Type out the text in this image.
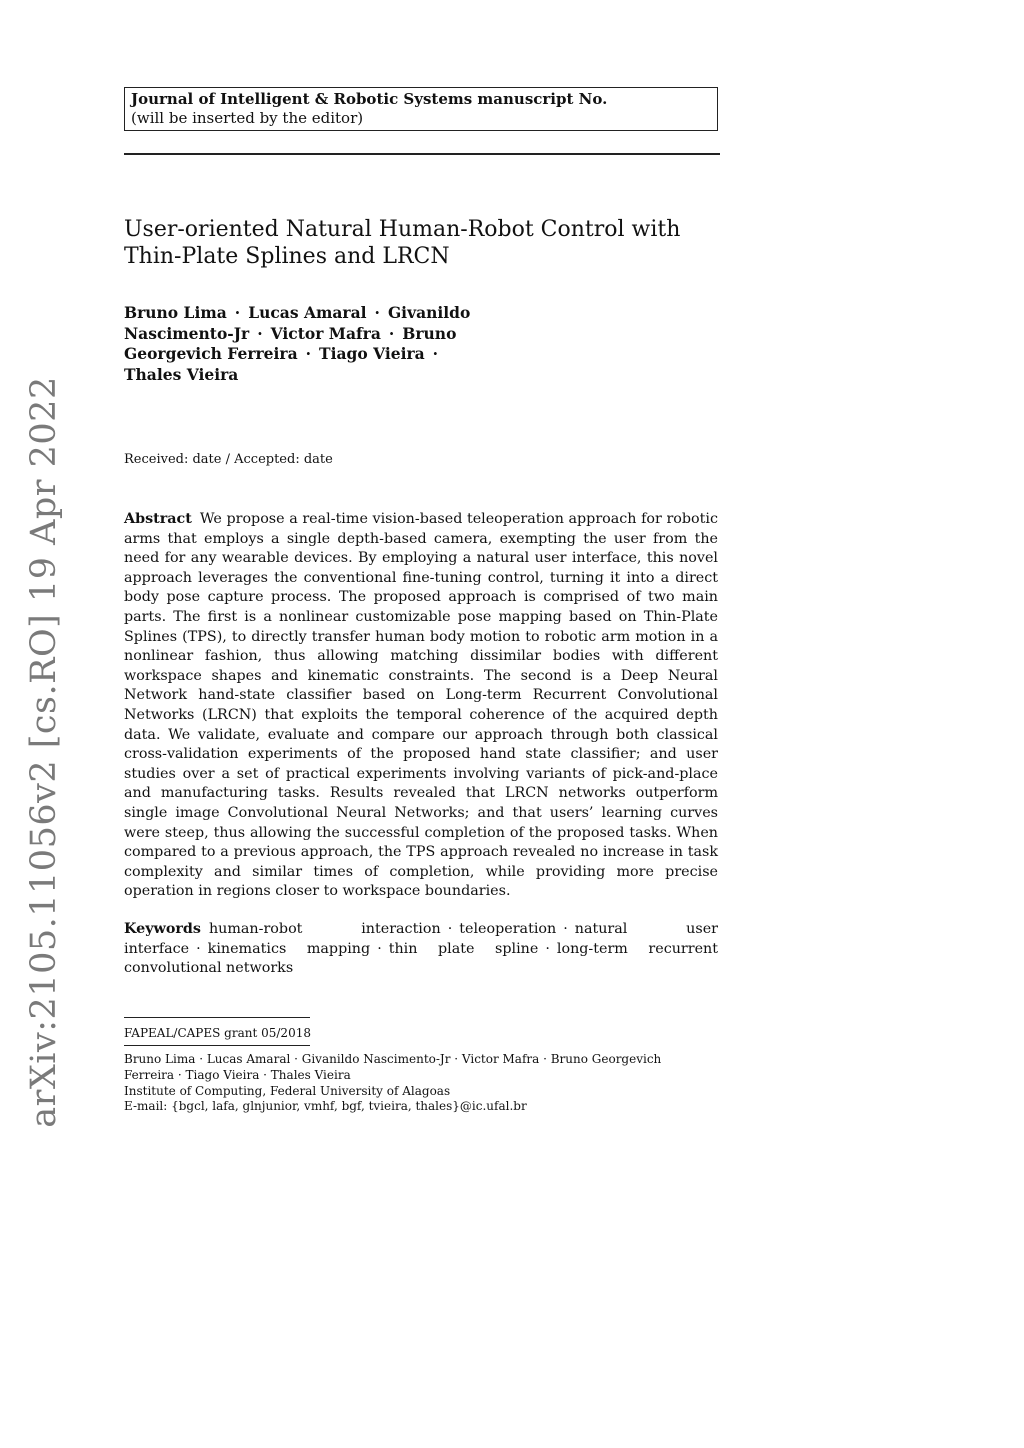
Journal of Intelligent & Robotic Systems manuscript No.
(will be inserted by the editor)
User-oriented Natural Human-Robot Control with
Thin-Plate Splines and LRCN
Bruno Lima · Lucas Amaral · Givanildo Nascimento-Jr · Victor Mafra · Bruno Georgevich Ferreira · Tiago Vieira ·
Thales Vieira
Received: date / Accepted: date

Abstract We propose a real-time vision-based teleoperation approach for robotic arms that employs a single depth-based camera, exempting the user from the need for any wearable devices. By employing a natural user interface, this novel approach leverages the conventional fine-tuning control, turning it into a direct body pose capture process. The proposed approach is comprised of two main parts. The first is a nonlinear customizable pose mapping based on Thin-Plate Splines (TPS), to directly transfer human body motion to robotic arm motion in a nonlinear fashion, thus allowing matching dissimilar bodies with different workspace shapes and kinematic constraints. The second is a Deep Neural Network hand-state classifier based on Long-term Recurrent Convolutional Networks (LRCN) that exploits the temporal coherence of the acquired depth data. We validate, evaluate and compare our approach through both classical cross-validation experiments of the proposed hand state classifier; and user studies over a set of practical experiments involving variants of pick-and-place and manufacturing tasks. Results revealed that LRCN networks outperform single image Convolutional Neural Networks; and that users’ learning curves were steep, thus allowing the successful completion of the proposed tasks. When compared to a previous approach, the TPS approach revealed no increase in task complexity and similar times of completion, while providing more precise operation in regions closer to workspace boundaries.

Keywords human-robot interaction · teleoperation · natural user interface · kinematics mapping · thin plate spline · long-term recurrent convolutional networks

FAPEAL/CAPES grant 05/2018
Bruno Lima · Lucas Amaral · Givanildo Nascimento-Jr · Victor Mafra · Bruno Georgevich
Ferreira · Tiago Vieira · Thales Vieira
Institute of Computing, Federal University of Alagoas
E-mail: {bgcl, lafa, glnjunior, vmhf, bgf, tvieira, thales}@ic.ufal.br
arXiv:2105.11056v2 [cs.RO] 19 Apr 2022
